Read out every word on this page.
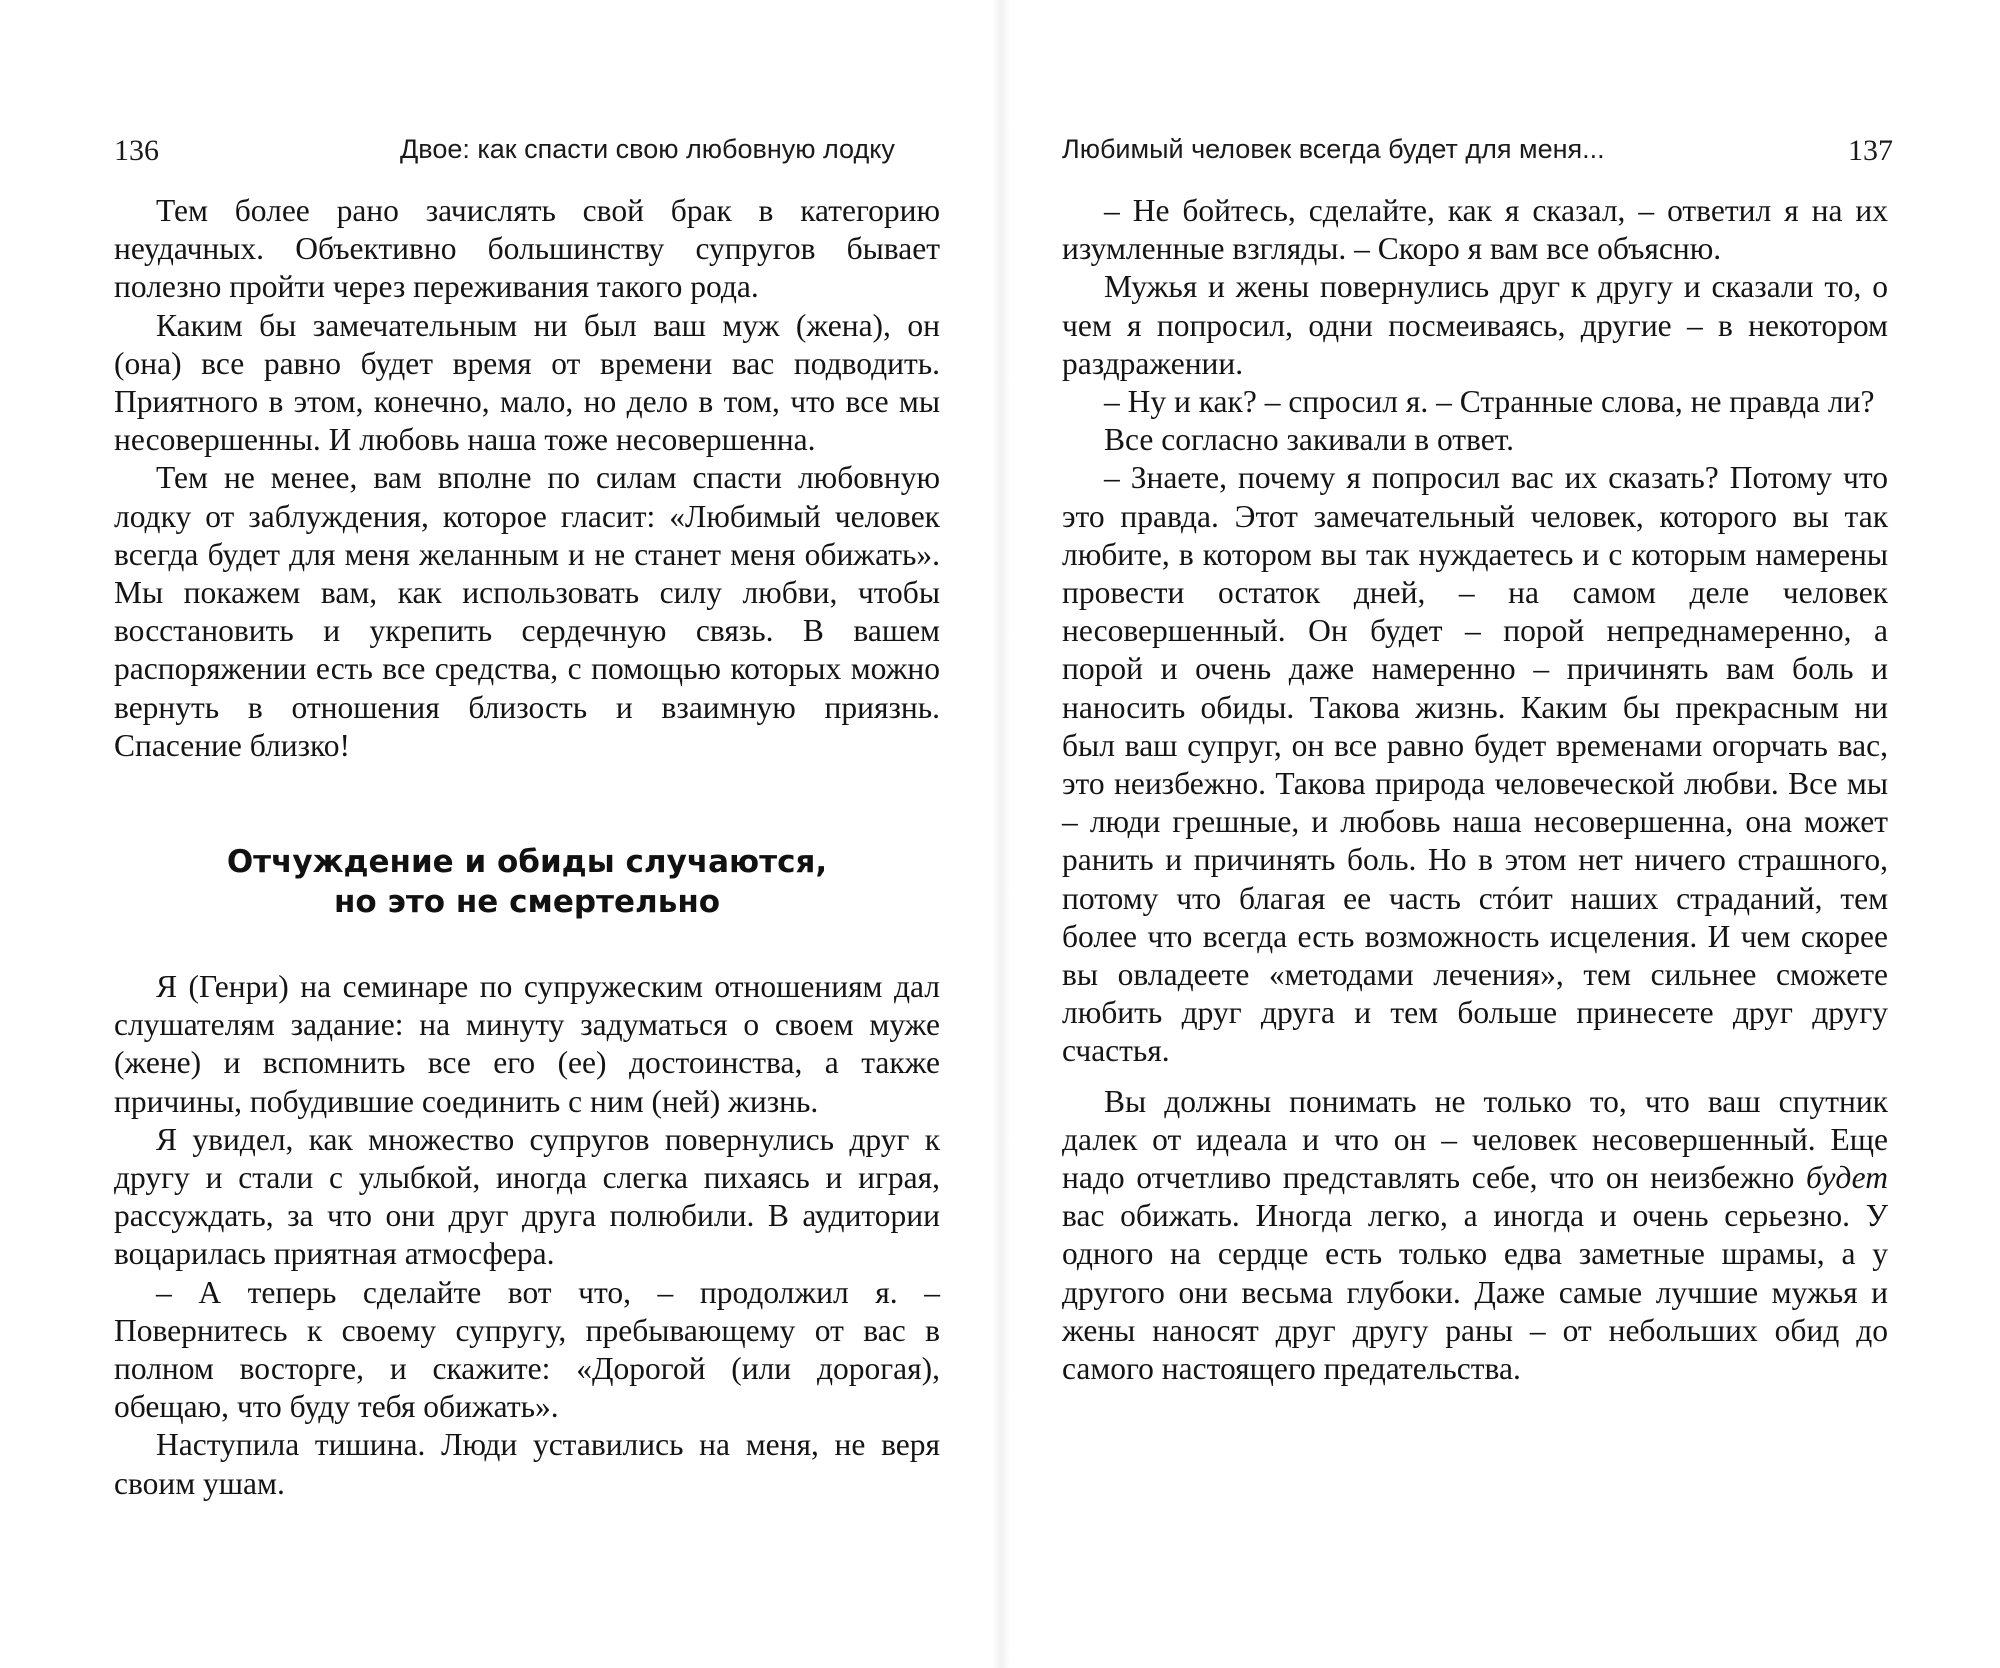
136	Двое: как спасти свою любовную лодку

Тем более рано зачислять свой брак в категорию неудачных. Объективно большинству супругов бывает полезно пройти через переживания такого рода.

Каким бы замечательным ни был ваш муж (жена), он (она) все равно будет время от времени вас подводить. Приятного в этом, конечно, мало, но дело в том, что все мы несовершенны. И любовь наша тоже несовершенна.

Тем не менее, вам вполне по силам спасти любовную лодку от заблуждения, которое гласит: «Любимый человек всегда будет для меня желанным и не станет меня обижать». Мы покажем вам, как использовать силу любви, чтобы восстановить и укрепить сердечную связь. В вашем распоряжении есть все средства, с помощью которых можно вернуть в отношения близость и взаимную приязнь. Спасение близко!

Отчуждение и обиды случаются,
но это не смертельно

Я (Генри) на семинаре по супружеским отношениям дал слушателям задание: на минуту задуматься о своем муже (жене) и вспомнить все его (ее) достоинства, а также причины, побудившие соединить с ним (ней) жизнь.

Я увидел, как множество супругов повернулись друг к другу и стали с улыбкой, иногда слегка пихаясь и играя, рассуждать, за что они друг друга полюбили. В аудитории воцарилась приятная атмосфера.

– А теперь сделайте вот что, – продолжил я. – Повернитесь к своему супругу, пребывающему от вас в полном восторге, и скажите: «Дорогой (или дорогая), обещаю, что буду тебя обижать».

Наступила тишина. Люди уставились на меня, не веря своим ушам.

Любимый человек всегда будет для меня...	137

– Не бойтесь, сделайте, как я сказал, – ответил я на их изумленные взгляды. – Скоро я вам все объясню.

Мужья и жены повернулись друг к другу и сказали то, о чем я попросил, одни посмеиваясь, другие – в некотором раздражении.

– Ну и как? – спросил я. – Странные слова, не правда ли?

Все согласно закивали в ответ.

– Знаете, почему я попросил вас их сказать? Потому что это правда. Этот замечательный человек, которого вы так любите, в котором вы так нуждаетесь и с которым намерены провести остаток дней, – на самом деле человек несовершенный. Он будет – порой непреднамеренно, а порой и очень даже намеренно – причинять вам боль и наносить обиды. Такова жизнь. Каким бы прекрасным ни был ваш супруг, он все равно будет временами огорчать вас, это неизбежно. Такова природа человеческой любви. Все мы – люди грешные, и любовь наша несовершенна, она может ранить и причинять боль. Но в этом нет ничего страшного, потому что благая ее часть стóит наших страданий, тем более что всегда есть возможность исцеления. И чем скорее вы овладеете «методами лечения», тем сильнее сможете любить друг друга и тем больше принесете друг другу счастья.

Вы должны понимать не только то, что ваш спутник далек от идеала и что он – человек несовершенный. Еще надо отчетливо представлять себе, что он неизбежно будет вас обижать. Иногда легко, а иногда и очень серьезно. У одного на сердце есть только едва заметные шрамы, а у другого они весьма глубоки. Даже самые лучшие мужья и жены наносят друг другу раны – от небольших обид до самого настоящего предательства.
